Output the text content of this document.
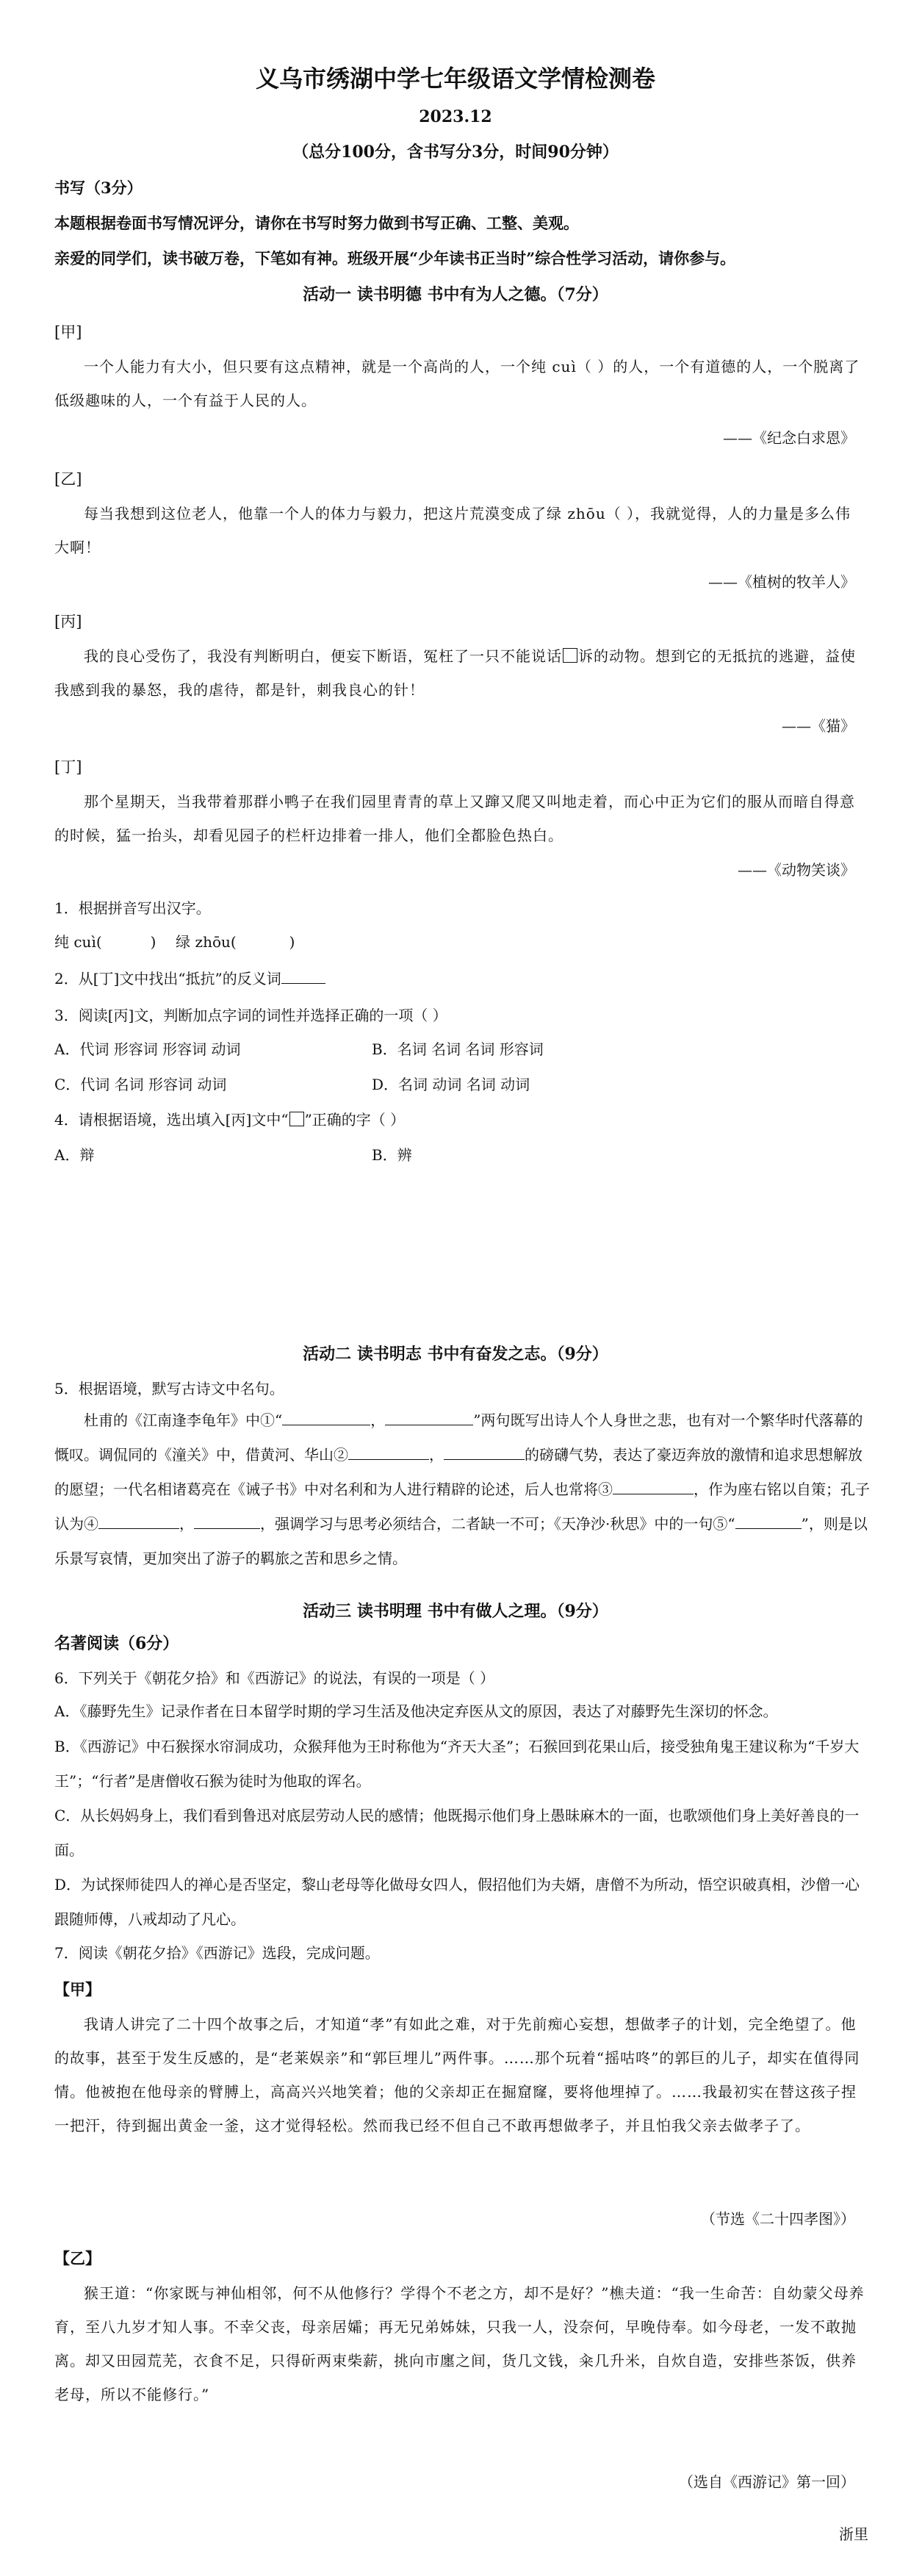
义乌市绣湖中学七年级语文学情检测卷
2023.12
（总分100分，含书写分3分，时间90分钟）
书写（3分）
本题根据卷面书写情况评分，请你在书写时努力做到书写正确、工整、美观。
亲爱的同学们，读书破万卷，下笔如有神。班级开展“少年读书正当时”综合性学习活动，请你参与。
活动一 读书明德 书中有为人之德。（7分）
[甲]
一个人能力有大小，但只要有这点精神，就是一个高尚的人，一个纯 cuì（ ）的人，一个有道德的人，一个脱离了低级趣味的人，一个有益于人民的人。
——《纪念白求恩》
[乙]
每当我想到这位老人，他靠一个人的体力与毅力，把这片荒漠变成了绿 zhōu（ ），我就觉得，人的力量是多么伟大啊！
——《植树的牧羊人》
[丙]
我的良心受伤了，我没有判断明白，便妄下断语，冤枉了一只不能说话 诉的动物。想到它的无抵抗的逃避，益使我感到我的暴怒，我的虐待，都是针，刺我良心的针！
——《猫》
[丁]
那个星期天，当我带着那群小鸭子在我们园里青青的草上又蹿又爬又叫地走着，而心中正为它们的服从而暗自得意的时候，猛一抬头，却看见园子的栏杆边排着一排人，他们全都脸色热白。
——《动物笑谈》
1．根据拼音写出汉字。
纯 cuì(	) 绿 zhōu(	)
2．从[丁]文中找出“抵抗”的反义词
3．阅读[丙]文，判断加点字词的词性并选择正确的一项（ ）
A．代词 形容词 形容词 动词	B．名词 名词 名词 形容词
C．代词 名词 形容词 动词	D．名词 动词 名词 动词
4．请根据语境，选出填入[丙]文中“ ”正确的字（ ）
A．辩	B．辨
活动二 读书明志 书中有奋发之志。（9分）
5．根据语境，默写古诗文中名句。
杜甫的《江南逢李龟年》中①“	，	”两句既写出诗人个人身世之悲，也有对一个繁华时代落幕的慨叹。调侃同的《潼关》中，借黄河、华山②	，	的磅礴气势，表达了豪迈奔放的激情和追求思想解放的愿望；一代名相诸葛亮在《诫子书》中对名利和为人进行精辟的论述，后人也常将③	，作为座右铭以自策；孔子认为④	，	，强调学习与思考必须结合，二者缺一不可；《天净沙·秋思》中的一句⑤“	”，则是以乐景写哀情，更加突出了游子的羁旅之苦和思乡之情。
活动三 读书明理 书中有做人之理。（9分）
名著阅读（6分）
6．下列关于《朝花夕拾》和《西游记》的说法，有误的一项是（ ）
A．《藤野先生》记录作者在日本留学时期的学习生活及他决定弃医从文的原因，表达了对藤野先生深切的怀念。
B．《西游记》中石猴探水帘洞成功，众猴拜他为王时称他为“齐天大圣”；石猴回到花果山后，接受独角鬼王建议称为“千岁大王”；“行者”是唐僧收石猴为徒时为他取的诨名。
C．从长妈妈身上，我们看到鲁迅对底层劳动人民的感情；他既揭示他们身上愚昧麻木的一面，也歌颂他们身上美好善良的一面。
D．为试探师徒四人的禅心是否坚定，黎山老母等化做母女四人，假招他们为夫婿，唐僧不为所动，悟空识破真相，沙僧一心跟随师傅，八戒却动了凡心。
7．阅读《朝花夕拾》《西游记》选段，完成问题。
【甲】
我请人讲完了二十四个故事之后，才知道“孝”有如此之难，对于先前痴心妄想，想做孝子的计划，完全绝望了。他的故事，甚至于发生反感的，是“老莱娱亲”和“郭巨埋儿”两件事。……那个玩着“摇咕咚”的郭巨的儿子，却实在值得同情。他被抱在他母亲的臂膊上，高高兴兴地笑着；他的父亲却正在掘窟窿，要将他埋掉了。……我最初实在替这孩子捏一把汗，待到掘出黄金一釜，这才觉得轻松。然而我已经不但自己不敢再想做孝子，并且怕我父亲去做孝子了。
（节选《二十四孝图》）
【乙】
猴王道：“你家既与神仙相邻，何不从他修行？学得个不老之方，却不是好？”樵夫道：“我一生命苦：自幼蒙父母养育，至八九岁才知人事。不幸父丧，母亲居孀；再无兄弟姊妹，只我一人，没奈何，早晚侍奉。如今母老，一发不敢抛离。却又田园荒芜，衣食不足，只得斫两束柴薪，挑向市廛之间，货几文钱，籴几升米，自炊自造，安排些茶饭，供养老母，所以不能修行。”
（选自《西游记》第一回）
浙里
